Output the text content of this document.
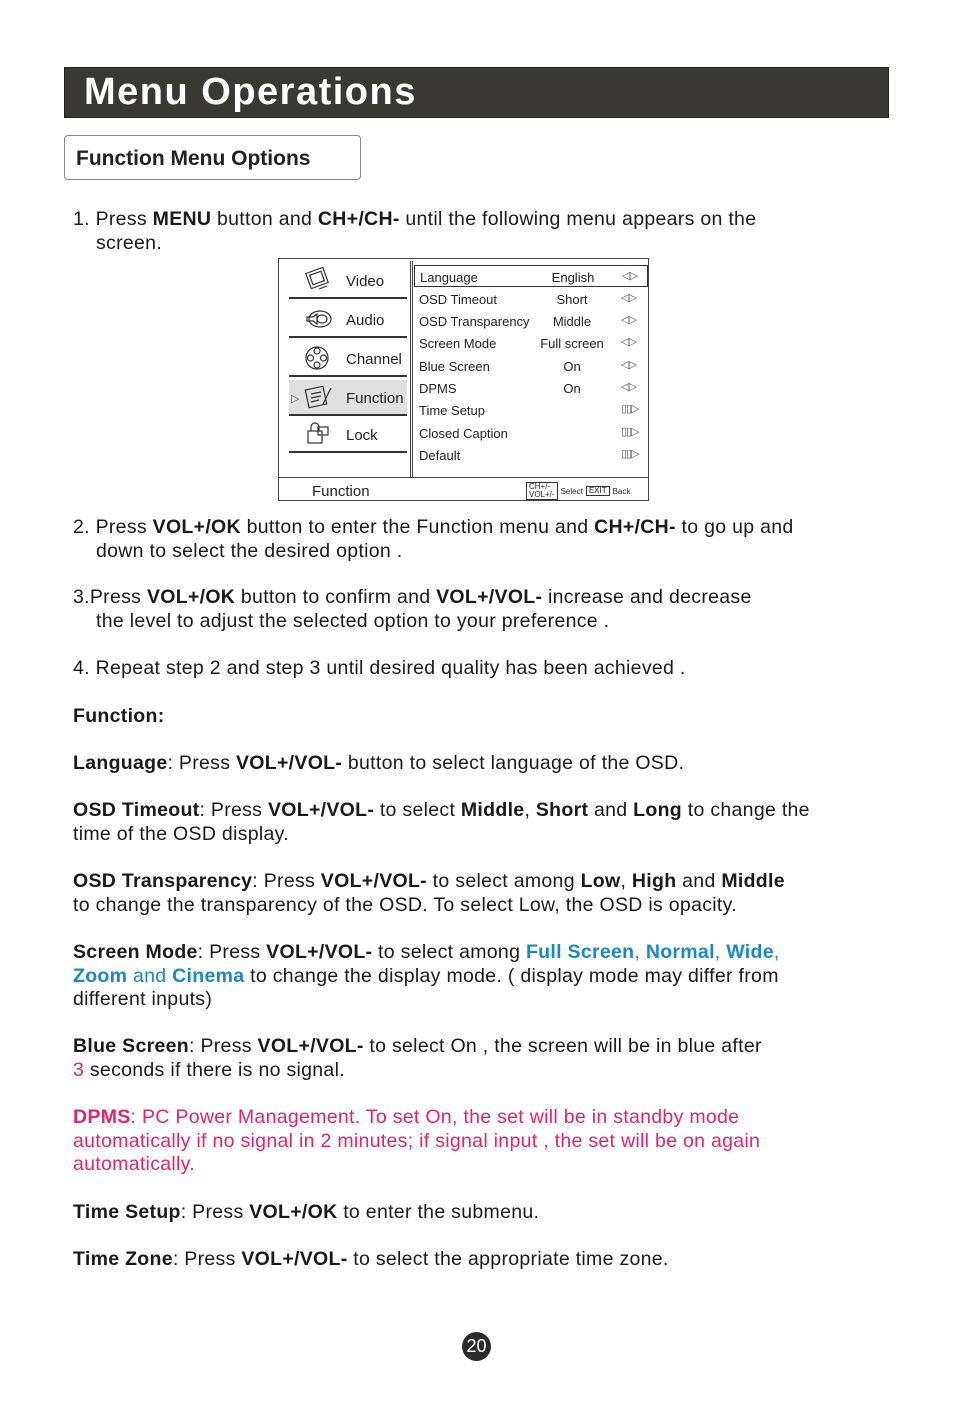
Menu Operations
Function Menu Options
1. Press MENU button and CH+/CH- until the following menu appears on the
screen.
Video
Audio
Channel
▷	Function
Lock
Language	English	◁▷
OSD Timeout	Short	◁▷
OSD Transparency	Middle	◁▷
Screen Mode	Full screen	◁▷
Blue Screen	On	◁▷
DPMS	On	◁▷
Time Setup	▯▯▷
Closed Caption	▯▯▷
Default	▯▯▷
Function	CH+/-
VOL+/- Select EXIT Back
2. Press VOL+/OK button to enter the Function menu and CH+/CH- to go up and
down to select the desired option .
3.Press VOL+/OK button to confirm and VOL+/VOL- increase and decrease
the level to adjust the selected option to your preference .
4. Repeat step 2 and step 3 until desired quality has been achieved .
Function:
Language: Press VOL+/VOL- button to select language of the OSD.
OSD Timeout: Press VOL+/VOL- to select Middle, Short and Long to change the
time of the OSD display.
OSD Transparency: Press VOL+/VOL- to select among Low, High and Middle
to change the transparency of the OSD. To select Low, the OSD is opacity.
Screen Mode: Press VOL+/VOL- to select among Full Screen, Normal, Wide,
Zoom and Cinema to change the display mode. ( display mode may differ from
different inputs)
Blue Screen: Press VOL+/VOL- to select On , the screen will be in blue after
3 seconds if there is no signal.
DPMS: PC Power Management. To set On, the set will be in standby mode
automatically if no signal in 2 minutes; if signal input , the set will be on again
automatically.
Time Setup: Press VOL+/OK to enter the submenu.
Time Zone: Press VOL+/VOL- to select the appropriate time zone.
20
